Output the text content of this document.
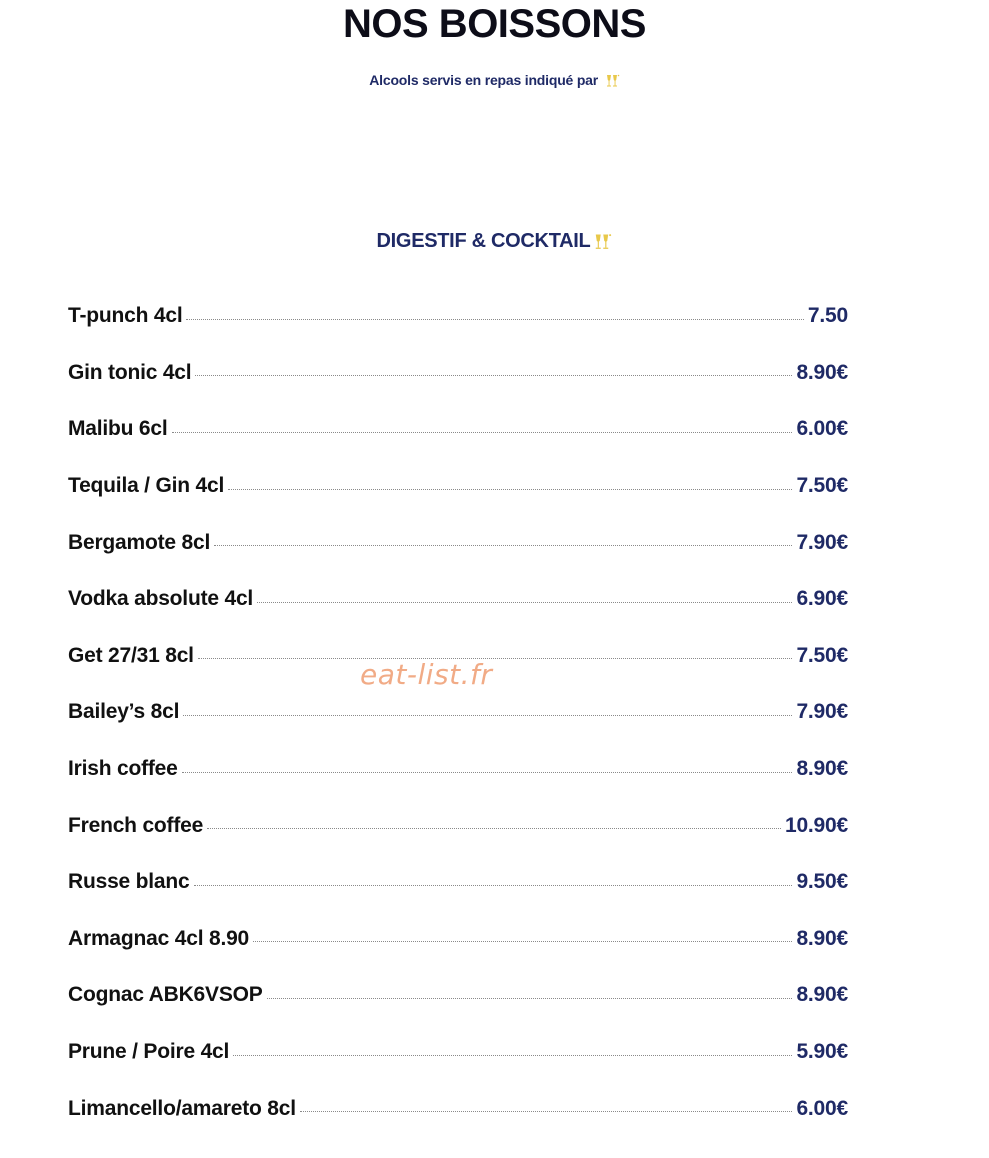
NOS BOISSONS
Alcools servis en repas indiqué par
DIGESTIF & COCKTAIL
T-punch 4cl	7.50
Gin tonic 4cl	8.90€
Malibu 6cl	6.00€
Tequila / Gin 4cl	7.50€
Bergamote 8cl	7.90€
Vodka absolute 4cl	6.90€
Get 27/31 8cl	7.50€
Bailey’s 8cl	7.90€
Irish coffee	8.90€
French coffee	10.90€
Russe blanc	9.50€
Armagnac 4cl 8.90	8.90€
Cognac ABK6VSOP	8.90€
Prune / Poire 4cl	5.90€
Limancello/amareto 8cl	6.00€
eat-list.fr
